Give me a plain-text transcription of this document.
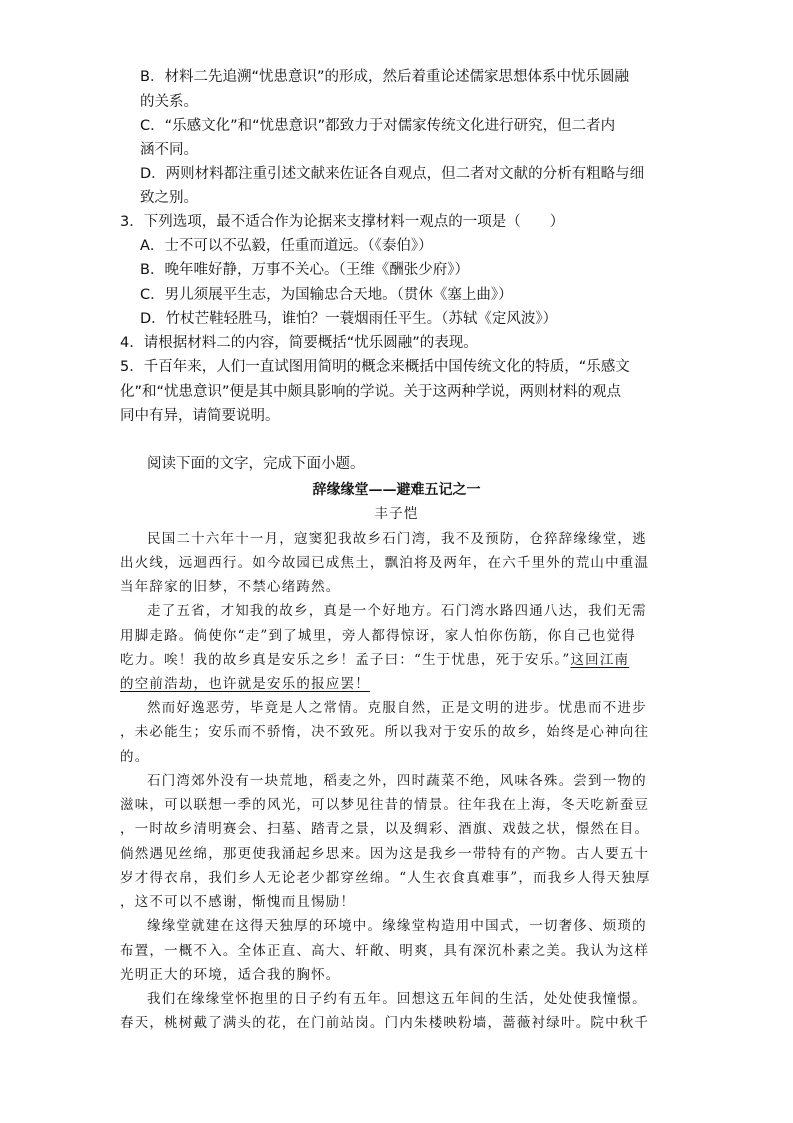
B．材料二先追溯“忧患意识”的形成，然后着重论述儒家思想体系中忧乐圆融
的关系。
C．“乐感文化”和“忧患意识”都致力于对儒家传统文化进行研究，但二者内
涵不同。
D．两则材料都注重引述文献来佐证各自观点，但二者对文献的分析有粗略与细
致之别。
3．下列选项，最不适合作为论据来支撑材料一观点的一项是（　　）
A．士不可以不弘毅，任重而道远。（《泰伯》）
B．晚年唯好静，万事不关心。（王维《酬张少府》）
C．男儿须展平生志，为国输忠合天地。（贯休《塞上曲》）
D．竹杖芒鞋轻胜马，谁怕？一蓑烟雨任平生。（苏轼《定风波》）
4．请根据材料二的内容，简要概括“忧乐圆融”的表现。
5．千百年来，人们一直试图用简明的概念来概括中国传统文化的特质，“乐感文
化”和“忧患意识”便是其中颇具影响的学说。关于这两种学说，两则材料的观点
同中有异，请简要说明。
阅读下面的文字，完成下面小题。
辞缘缘堂——避难五记之一
丰子恺
民国二十六年十一月，寇窦犯我故乡石门湾，我不及预防，仓猝辞缘缘堂，逃
出火线，远迴西行。如今故园已成焦土，飘泊将及两年，在六千里外的荒山中重温
当年辞家的旧梦，不禁心绪踌然。
走了五省，才知我的故乡，真是一个好地方。石门湾水路四通八达，我们无需
用脚走路。倘使你“走”到了城里，旁人都得惊讶，家人怕你伤筋，你自己也觉得
吃力。唉！我的故乡真是安乐之乡！孟子曰：“生于忧患，死于安乐。”这回江南
的空前浩劫，也许就是安乐的报应罢！
然而好逸恶劳，毕竟是人之常情。克服自然，正是文明的进步。忧患而不进步
，未必能生；安乐而不骄惰，决不致死。所以我对于安乐的故乡，始终是心神向往
的。
石门湾郊外没有一块荒地，稻麦之外，四时蔬菜不绝，风味各殊。尝到一物的
滋味，可以联想一季的风光，可以梦见往昔的情景。往年我在上海，冬天吃新蚕豆
，一时故乡清明赛会、扫墓、踏青之景，以及绸彩、酒旗、戏鼓之状，憬然在目。
倘然遇见丝绵，那更使我涌起乡思来。因为这是我乡一带特有的产物。古人要五十
岁才得衣帛，我们乡人无论老少都穿丝绵。“人生衣食真难事”，而我乡人得天独厚
，这不可以不感谢，惭愧而且惕励！
缘缘堂就建在这得天独厚的环境中。缘缘堂构造用中国式，一切奢侈、烦琐的
布置，一概不入。全体正直、高大、轩敞、明爽，具有深沉朴素之美。我认为这样
光明正大的环境，适合我的胸怀。
我们在缘缘堂怀抱里的日子约有五年。回想这五年间的生活，处处使我憧憬。
春天，桃树戴了满头的花，在门前站岗。门内朱楼映粉墙，蔷薇衬绿叶。院中秋千
